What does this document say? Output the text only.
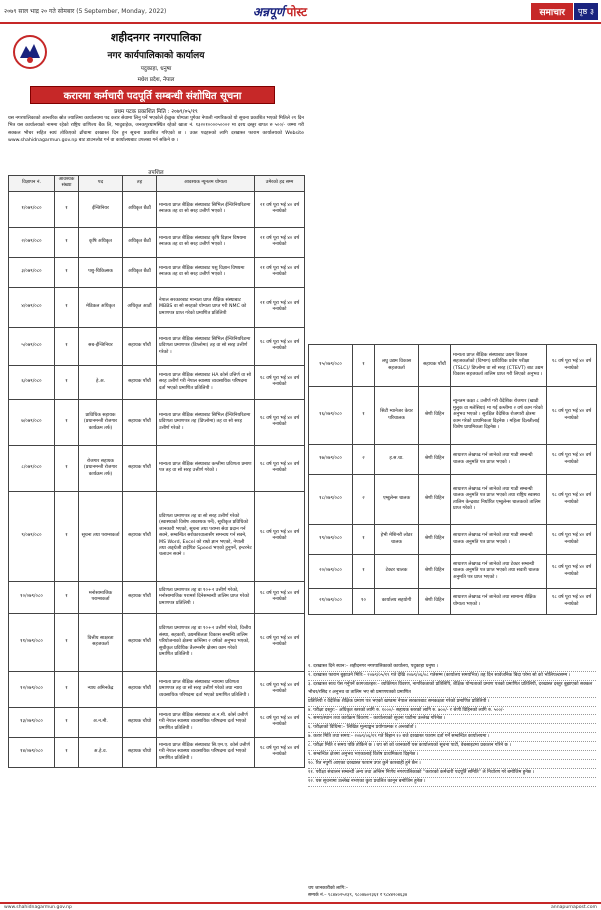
२०७९ साल भाद्र २० गते सोमबार (5 September, Monday, 2022)	अन्नपूर्ण पोस्ट	समाचार	पृष्ठ ३
शहीदनगर नगरपालिका
नगर कार्यपालिकाको कार्यालय
पदुकाहा, धनुषा
मधेश प्रदेश, नेपाल
करारमा कर्मचारी पदपूर्ति सम्बन्धी संशोधित सूचना
प्रथम पटक प्रकाशित मिति : २०७९/०५/१९
यस नगरपालिकाको आन्तरिक स्रोत ज्यालिमा कार्यालयमा पद करार सेवामा लिनु पर्ने भएकोले ईच्छुक योग्यता पुगेका नेपाली नागरिकको यो सूचना प्रकाशित भएको मितिले २१ दिन भित्र यस कार्यालयको नाममा रहेको राष्ट्रिय वाणिज्य बैंक लि, भादुवाहेक, जनकपुरधामस्थित रहेको खाता नं. १३२०१००००५०००२ मा दरथ दस्तुर बापत रु ५००/- जम्मा गरी सक्कल भौचर सहित स्वयं तोकिएको ढाँचामा दरखास्त दिन हुन सूचना प्रकाशित गरिएको छ । उक्त पदहरुको लागि दरखास्त फाराम कार्यालयको Website www.shahidnagarmun.gov.np बाट डाउनलोड गर्न वा कार्यालयबाट उपलब्ध गर्न सकिने छ ।
तपशिल
विज्ञापन नं.	आवश्यक संख्या	पद	तह	आवश्यक न्यूनतम योग्यता	उमेरको हद सम्म
१/०७९/०८०	१	ईन्जिनियर	अधिकृत छैठौं	मान्यता प्राप्त शैक्षिक संस्थाबाट सिभिल ईन्जिनियरिङमा स्नातक तह वा सो सरह उत्तीर्ण भएको ।	२१ वर्ष पूरा भई ४० वर्ष ननाघेको
२/०७९/०८०	१	कृषि अधिकृत	अधिकृत छैठौं	मान्यता प्राप्त शैक्षिक संस्थाबाट कृषि विज्ञान विषयमा स्नातक तह वा सो सरह उत्तीर्ण भएको ।	२१ वर्ष पूरा भई ४० वर्ष ननाघेको
३/०७९/०८०	१	पशु-चिकित्सक	अधिकृत छैठौं	मान्यता प्राप्त शैक्षिक संस्थाबाट पशु विज्ञान विषयमा स्नातक तह वा सो सरह उत्तीर्ण भएको ।	२१ वर्ष पूरा भई ४० वर्ष ननाघेको
४/०७९/०८०	१	मेडिकल अधिकृत	अधिकृत आठौं	नेपाल सरकारबाट मान्यता प्राप्त शैक्षिक संस्थाबाट MBBS वा सो सरहको योग्यता प्राप्त गरी NMC को प्रमाणपत्र प्राप्त गरेको प्रमाणित प्रतिलिपी	२१ वर्ष पूरा भई ४० वर्ष ननाघेको
५/०७९/०८०	१	सब-ईन्जिनियर	सहायक पाँचौं	मान्यता प्राप्त शैक्षिक संस्थाबाट सिभिल ईन्जिनियरिङमा प्रविणता प्रमाणपत्र (डिप्लोमा) तह वा सो सरह उत्तीर्ण गरेको ।	१८ वर्ष पूरा भई ४० वर्ष ननाघेको
६/०७९/०८०	१	हे.अ.	सहायक पाँचौं	मान्यता प्राप्त शैक्षिक संस्थाबाट HA कोर्स उत्तिर्ण वा सो सरह उत्तीर्ण गरी नेपाल स्वास्थ्य व्यवसायिक परिषदमा दर्ता भएको प्रमाणित प्रतिलिपी ।	१८ वर्ष पूरा भई ४० वर्ष ननाघेको
७/०७९/०८०	१	प्राविधिक सहायक (प्रधानमन्त्री रोजगार कार्यक्रम तर्फ)	सहायक पाँचौं	मान्यता प्राप्त शैक्षिक संस्थाबाट सिभिल ईन्जिनियरिङमा प्रविणता प्रमाणपत्र तह (डिप्लोमा) तह वा सो सरह उत्तीर्ण गरेको ।	१८ वर्ष पूरा भई ४० वर्ष ननाघेको
८/०७९/०८०	१	रोजगार सहायक (प्रधानमन्त्री रोजगार कार्यक्रम तर्फ)	सहायक पाँचौं	मान्यता प्राप्त शैक्षिक संस्थाबाट कम्तीमा प्रविणता प्रमाण पत्र तह वा सो सरह उत्तीर्ण गरेको ।	१८ वर्ष पूरा भई ४० वर्ष ननाघेको
९/०७९/०८०	१	सूचना तथा पराम्शकर्ता	सहायक पाँचौं	प्रविणता प्रमाणपत्र तह वा सो सरह उत्तीर्ण गरेको (स्वास्थ्यको विशेष आवश्यक पर्ने), सूचीकृत प्रविधिको जानकारी भएको, सूचना तथा पराम्श सेवा प्रदान गर्न सक्ने, सम्बन्धित सरोकारवालासँग समन्वय गर्न सक्ने, MS Word, Excel को राम्रो ज्ञान भएको, नेपाली तथा अङ्ग्रेजी टाईपिङ Speed भएको हुनुपर्ने, इन्टरनेट चलाउन सक्ने ।	१८ वर्ष पूरा भई ४० वर्ष ननाघेको
१०/०७९/०८०	१	मनोसामाजिक पराम्शकर्ता	सहायक पाँचौं	प्रविणता प्रमाणपत्र तह वा १०+२ उत्तीर्ण गरेको, मनोसामाजिक परामर्श दिनेसम्बन्धी तालिम प्राप्त गरेको प्रमाणपत्र प्रतिलिपी ।	१८ वर्ष पूरा भई ४० वर्ष ननाघेको
११/०७९/०८०	१	वित्तीय साक्षरता सहजकर्ता	सहायक पाँचौं	प्रविणता प्रमाणपत्र तह वा १०+२ उत्तीर्ण गरेको, वित्तीय संस्था, सहकारी, उद्यमशिलता विकास सम्बन्धि तालिम परियोजनाको क्षेत्रमा कम्तिमा २ वर्षको अनुभव भएको, सूचीकृत प्रविधिक तैलग्नसँग क्षेत्रमा काम गरेको प्रमाणित प्रतिलिपी ।	१८ वर्ष पूरा भई ४० वर्ष ननाघेको
१२/०७९/०८०	१	न्याय अमिनकेंद्र	सहायक पाँचौं	मान्यता प्राप्त शैक्षिक संस्थाबाट न्यायमा प्रविणता प्रमाणपत्र तह वा सो सरह उत्तीर्ण गरेको तथा न्याय व्यवसायिक परिषदमा दर्ता भएको प्रमाणित प्रतिलिपी ।	१८ वर्ष पूरा भई ४० वर्ष ननाघेको
१३/०७९/०८०	१	अ.न.मी.	सहायक चौथो	मान्यता प्राप्त शैक्षिक संस्थाबाट अ.न.मी. कोर्स उत्तीर्ण गरी नेपाल स्वास्थ्य व्यवसायिक परिषदमा दर्ता भएको प्रमाणित प्रतिलिपी ।	१८ वर्ष पूरा भई ४० वर्ष ननाघेको
१४/०७९/०८०	१	अ.हे.व.	सहायक चौथो	मान्यता प्राप्त शैक्षिक संस्थाबाट सि.एम.ए. कोर्स उत्तीर्ण गरी नेपाल स्वास्थ्य व्यवसायिक परिषदमा दर्ता भएको प्रमाणित प्रतिलिपी ।	१८ वर्ष पूरा भई ४० वर्ष ननाघेको
१५/०७९/०८०	१	लघु उद्यम विकास सहजकर्ता	सहायक पाँचौं	मान्यता प्राप्त शैक्षिक संस्थाबाट उद्यम विकास सहजकर्ताको (विभाग) प्राविधिक प्रवेश परीक्षा (TSLC)/ डिप्लोमा वा सो सरह (CTEVT) बाट उद्यम विकास सहजकर्ता तालिम प्राप्त गरी लिएको अनुभव ।	१८ वर्ष पूरा भई ४० वर्ष ननाघेको
१६/०७९/०८०	१	सिटी म्यानेजर केयर परिचालक	श्रेणी विहिन	न्युनतम कक्षा ८ उत्तीर्ण गरी वैदेशिक रोजगार (खाडी मुलुक वा मलेसिया) मा गई कम्तीमा २ वर्ष काम गरेको अनुभव भएको । सुरक्षित वैदेशिक रोजगारी क्षेत्रमा काम गरेको प्राथमिकता दिइनेछ । महिला दिलतीलाई विशेष प्राथमिकता दिइनेछ ।	१८ वर्ष पूरा भई ४० वर्ष ननाघेको
१७/०७९/०८०	२	ह.स.चा.	श्रेणी विहिन	साधारण लेखपढ गर्न जानेको तथा गाडी सम्बन्धी चालक अनुमति पत्र प्राप्त भएको ।	१८ वर्ष पूरा भई ४० वर्ष ननाघेको
१८/०७९/०८०	२	एम्बुलेन्स चालक	श्रेणी विहिन	साधारण लेखपढ गर्न जानेको तथा गाडी सम्बन्धी चालक अनुमति पत्र प्राप्त भएको तथा राष्ट्रिय स्वास्थ्य तालिम केन्द्रबाट निर्धारित एम्बुलेन्स चालकको तालिम प्राप्त गरेको ।	१८ वर्ष पूरा भई ४० वर्ष ननाघेको
१९/०७९/०८०	१	हेभी मेशिनरी लोडर चालक	श्रेणी विहिन	साधारण लेखपढ गर्न जानेको तथा गाडी सम्बन्धी चालक अनुमति पत्र प्राप्त भएको ।	१८ वर्ष पूरा भई ४० वर्ष ननाघेको
२०/०७९/०८०	१	टेक्टर चालक	श्रेणी विहिन	साधारण लेखपढ गर्न जानेको तथा टेक्टर सम्बन्धी चालक अनुमति पत्र प्राप्त भएको तथा सवारी चालक अनुमति पत्र प्राप्त भएको ।	१८ वर्ष पूरा भई ४० वर्ष ननाघेको
२१/०७९/०८०	१०	कार्यालय सहयोगी	श्रेणी विहिन	साधारण लेखपढ गर्न जानेको तथा सामान्य शैक्षिक योग्यता भएको ।	१८ वर्ष पूरा भई ४० वर्ष ननाघेको
१. दरखास्त दिने स्थान:– शहीदनगर नगरपालिकाको कार्यालय, पदुकाहा धनुषा ।
२. दरखास्त फाराम बुझाउने मिति:– २०७९/०५/१९ गते देखि २०७९/०६/०८ गतेसम्म (कार्यालय समयभित्र) तह दिन सार्वजनिक बिदा परेमा सो को भोलिपल्टसम्म ।
३. दरखास्त साथ पेस गर्नुपर्ने कागजातहरु:– व्यक्तिगत विवरण, नागरिकताको प्रतिलिपि, शैक्षिक योग्यताको प्रमाण पत्रको प्रमाणित प्रतिलिपी, दरखास्त दस्तुर बुझाएको सक्कल भौचर/रसिद र अनुभव वा तालिम भए सो प्रमाणपत्रको प्रमाणित
प्रतिलिपी र वैदेशिक शैक्षिक प्रमाण पत्र भएको खण्डमा नेपाल सरकारबाट समकक्षता गरेको प्रमाणित प्रतिलिपी ।
४. परीक्षा दस्तुर:– अधिकृत स्तरको लागि रु. १०००/- सहायक स्तरको लागि रु. ७००/- र श्रेणी विहिनको लागि रु. ५००/-
५. समय/स्थान तथा कार्यक्रम विवरण:– कार्यालयको सूचना पाटीमा उल्लेख गरिनेछ ।
६. परीक्षाको विधिमा:– लिखित मूल्याङ्कन प्रयोगात्मक र अन्तर्वार्ता ।
७. करार मिति तथा समय:– २०७९/०६/१९ गते बिहान १० बजे दरखास्त फाराम दर्ता गर्ने सम्बन्धित कार्यालयमा ।
८. परीक्षा मिति र समय पछि तोकिने छ । थप सो को जानकारी यस कार्यालयको सूचना पाटी, वेबसाइटमा प्रकाशन गरिने छ ।
९. सम्बन्धित क्षेत्रमा अनुभव भएकालाई विशेष प्राथमिकता दिइनेछ ।
१०. रित नपुगी आएका दरखास्त फाराम उपर कुनै कारबाही हुने छैन ।
११. परीक्षा संचालन सम्बन्धी अन्य तथा अन्तिम निर्णय नगरपालिकाको “करारको कर्मचारी पदपूर्ति समिति” ले निर्धारण गरे बमोजिम हुनेछ ।
१२. यस सूचनामा उल्लेख नभएका कुरा प्रचलित कानून बमोजिम हुनेछ ।
थप जानकारीको लागि:–
सम्पर्क नं.– ९८४४०२५२३९, ९८०४७०२३६१ र ९८४४२०४६३४
www.shahidnagarmun.gov.np	annapurnapost.com
